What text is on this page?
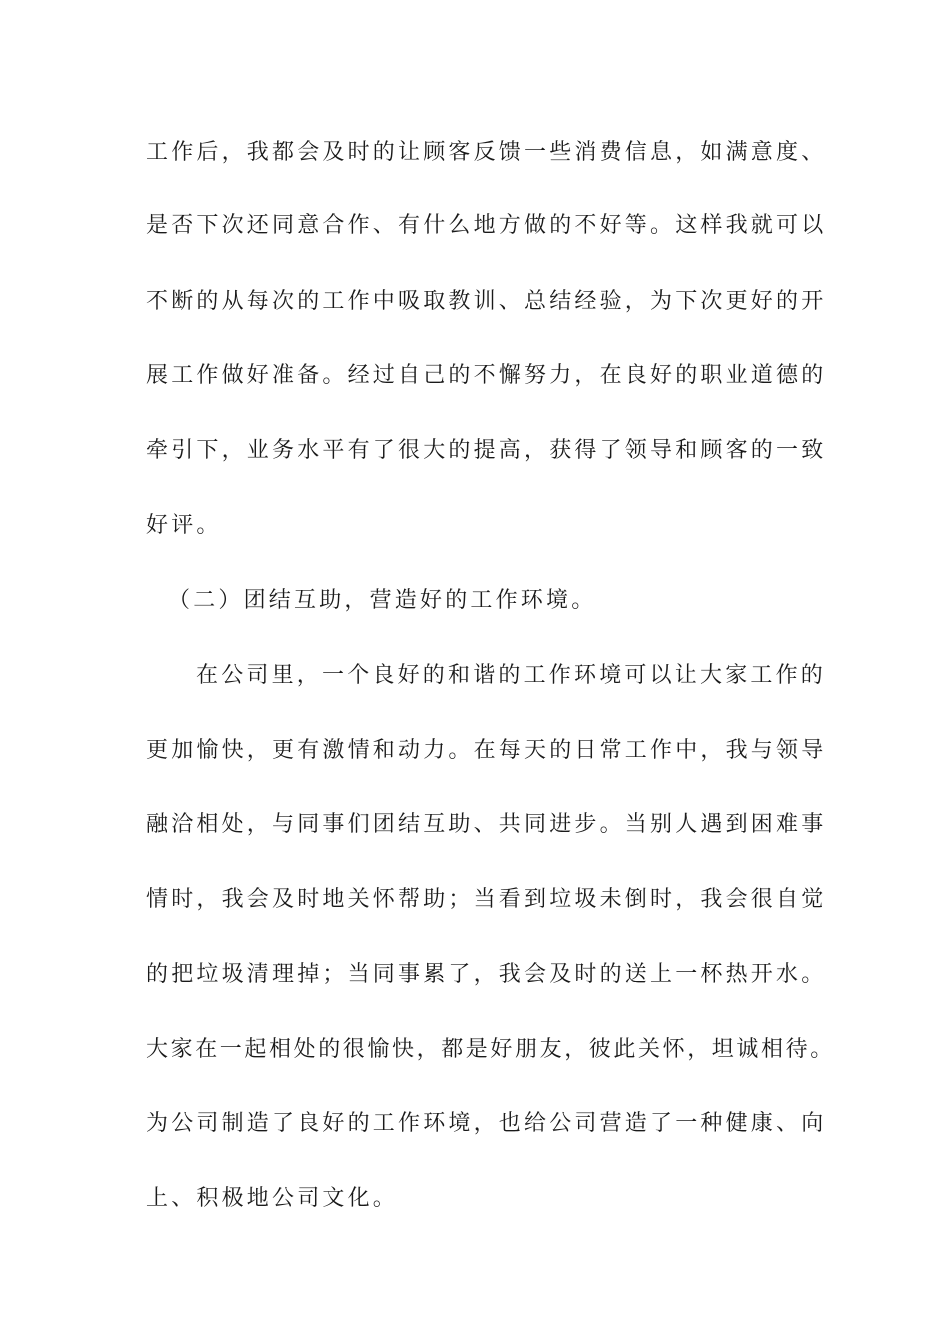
工作后，我都会及时的让顾客反馈一些消费信息，如满意度、
是否下次还同意合作、有什么地方做的不好等。这样我就可以
不断的从每次的工作中吸取教训、总结经验，为下次更好的开
展工作做好准备。经过自己的不懈努力，在良好的职业道德的
牵引下，业务水平有了很大的提高，获得了领导和顾客的一致
好评。
（二）团结互助，营造好的工作环境。
在公司里，一个良好的和谐的工作环境可以让大家工作的
更加愉快，更有激情和动力。在每天的日常工作中，我与领导
融洽相处，与同事们团结互助、共同进步。当别人遇到困难事
情时，我会及时地关怀帮助；当看到垃圾未倒时，我会很自觉
的把垃圾清理掉；当同事累了，我会及时的送上一杯热开水。
大家在一起相处的很愉快，都是好朋友，彼此关怀，坦诚相待。
为公司制造了良好的工作环境，也给公司营造了一种健康、向
上、积极地公司文化。
